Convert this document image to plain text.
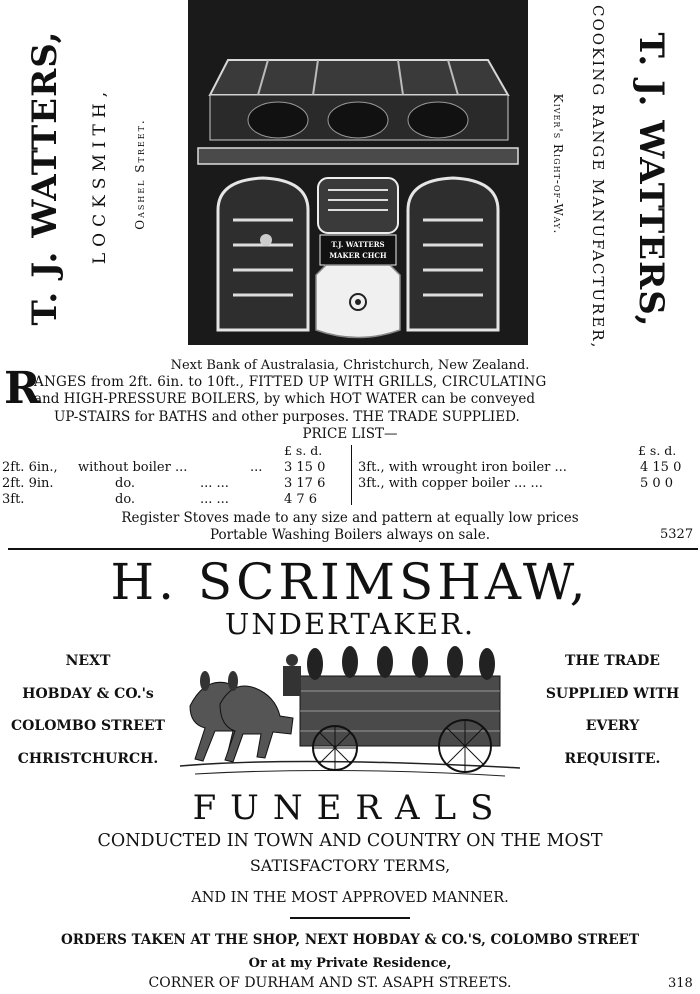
T. J. WATTERS, LOCKSMITH, Oashel Street.
T.J. WATTERS
MAKER CHCH	COOKING RANGE MANUFACTURER,
Kiver's Right-of-Way. T. J. WATTERS,
Next Bank of Australasia, Christchurch, New Zealand.
R
ANGES from 2ft. 6in. to 10ft., FITTED UP WITH GRILLS, CIRCULATING
and HIGH-PRESSURE BOILERS, by which HOT WATER can be conveyed
UP-STAIRS for BATHS and other purposes. THE TRADE SUPPLIED.
PRICE LIST—
£ s. d.	£ s. d.
2ft. 6in., without boiler ...	... 3 15 0
2ft. 9in.	do.	... ...	3 17 6
3ft.	do.	... ...	4 7 6
3ft., with wrought iron boiler ...	4 15 0
3ft., with copper boiler ... ...	5 0 0
Register Stoves made to any size and pattern at equally low prices
Portable Washing Boilers always on sale.	5327
H. SCRIMSHAW,
UNDERTAKER.
NEXT
HOBDAY & CO.'s
COLOMBO STREET
CHRISTCHURCH.
THE TRADE
SUPPLIED WITH
EVERY
REQUISITE.
FUNERALS
CONDUCTED IN TOWN AND COUNTRY ON THE MOST
SATISFACTORY TERMS,
AND IN THE MOST APPROVED MANNER.
ORDERS TAKEN AT THE SHOP, NEXT HOBDAY & CO.'S, COLOMBO STREET
Or at my Private Residence,
CORNER OF DURHAM AND ST. ASAPH STREETS.	318
